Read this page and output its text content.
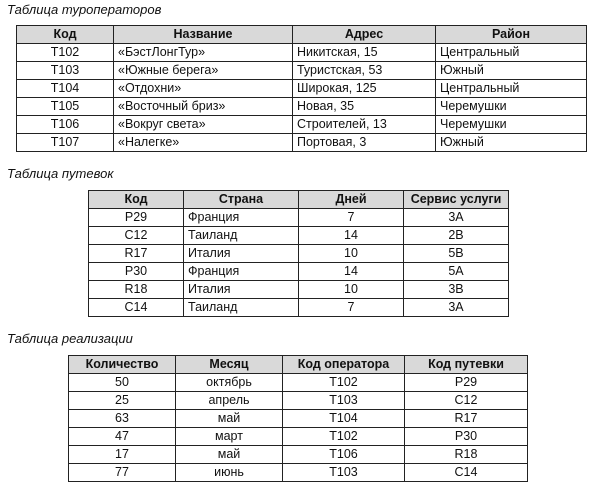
Таблица туроператоров
Код	Название	Адрес	Район
Т102	«БэстЛонгТур»	Никитская, 15	Центральный
Т103	«Южные берега»	Туристская, 53	Южный
Т104	«Отдохни»	Широкая, 125	Центральный
Т105	«Восточный бриз»	Новая, 35	Черемушки
Т106	«Вокруг света»	Строителей, 13	Черемушки
Т107	«Налегке»	Портовая, 3	Южный
Таблица путевок
Код	Страна	Дней	Сервис услуги
Р29	Франция	7	3А
С12	Таиланд	14	2В
R17	Италия	10	5В
Р30	Франция	14	5А
R18	Италия	10	3В
С14	Таиланд	7	3А
Таблица реализации
Количество	Месяц	Код оператора	Код путевки
50	октябрь	Т102	Р29
25	апрель	Т103	С12
63	май	Т104	R17
47	март	Т102	Р30
17	май	Т106	R18
77	июнь	Т103	С14
